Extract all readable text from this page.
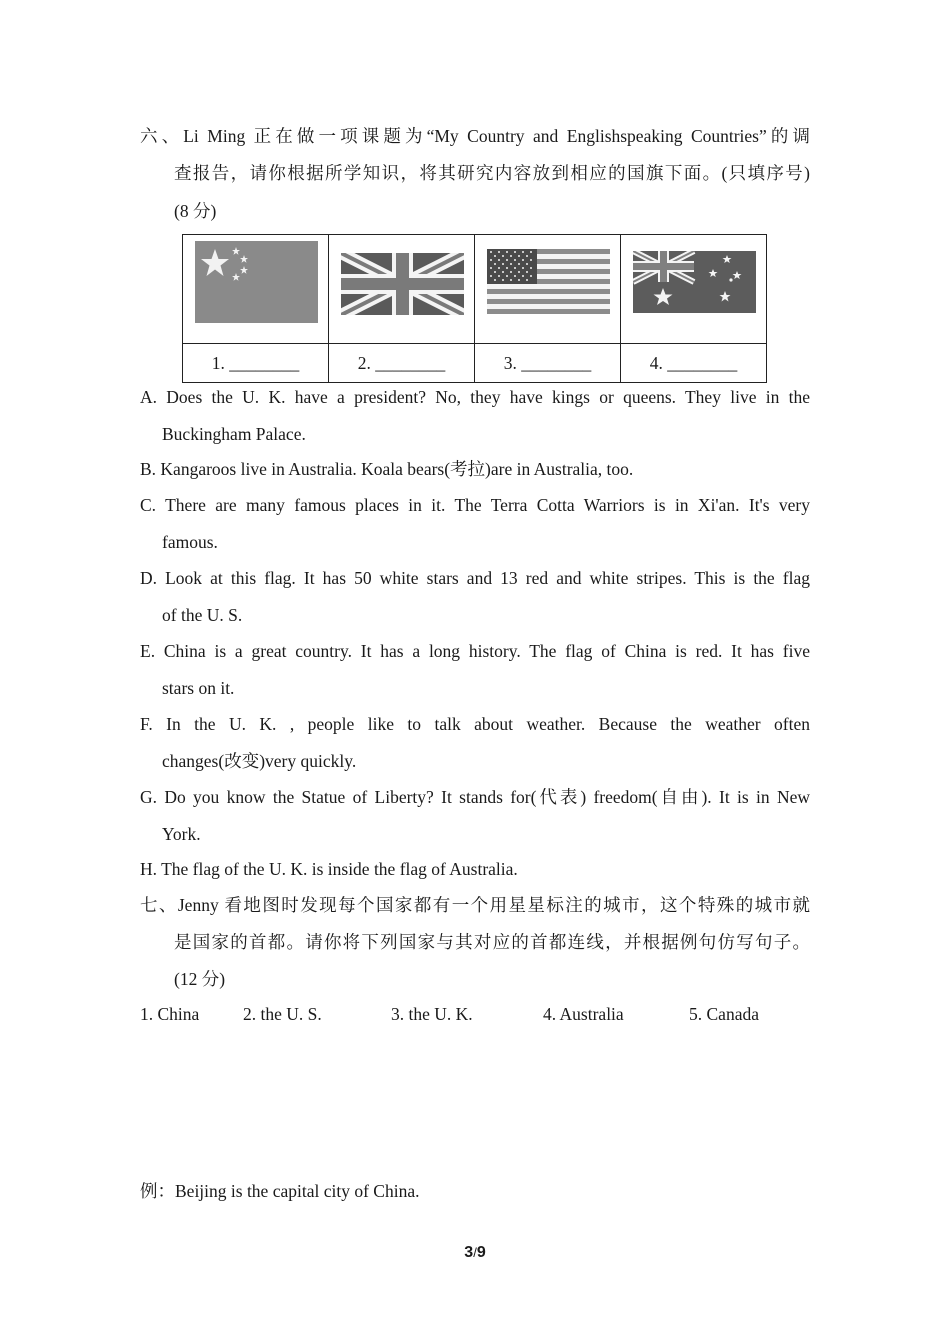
六、Li Ming 正在做一项课题为“My Country and Englishspeaking Countries”的调
查报告，请你根据所学知识，将其研究内容放到相应的国旗下面。(只填序号)
(8 分)

1. ________	2. ________	3. ________	4. ________
A. Does the U. K. have a president? No, they have kings or queens. They live in the
Buckingham Palace.
B. Kangaroos live in Australia. Koala bears(考拉)are in Australia, too.
C. There are many famous places in it. The Terra Cotta Warriors is in Xi'an. It's very
famous.
D. Look at this flag. It has 50 white stars and 13 red and white stripes. This is the flag
of the U. S.
E. China is a great country. It has a long history. The flag of China is red. It has five
stars on it.
F. In the U. K. , people like to talk about weather. Because the weather often
changes(改变)very quickly.
G. Do you know the Statue of Liberty? It stands for(代表) freedom(自由). It is in New
York.
H. The flag of the U. K. is inside the flag of Australia.
七、Jenny 看地图时发现每个国家都有一个用星星标注的城市，这个特殊的城市就
是国家的首都。请你将下列国家与其对应的首都连线，并根据例句仿写句子。
(12 分)
1. China 2. the U. S.	3. the U. K.	4. Australia	5. Canada
例：Beijing is the capital city of China.
3/9
